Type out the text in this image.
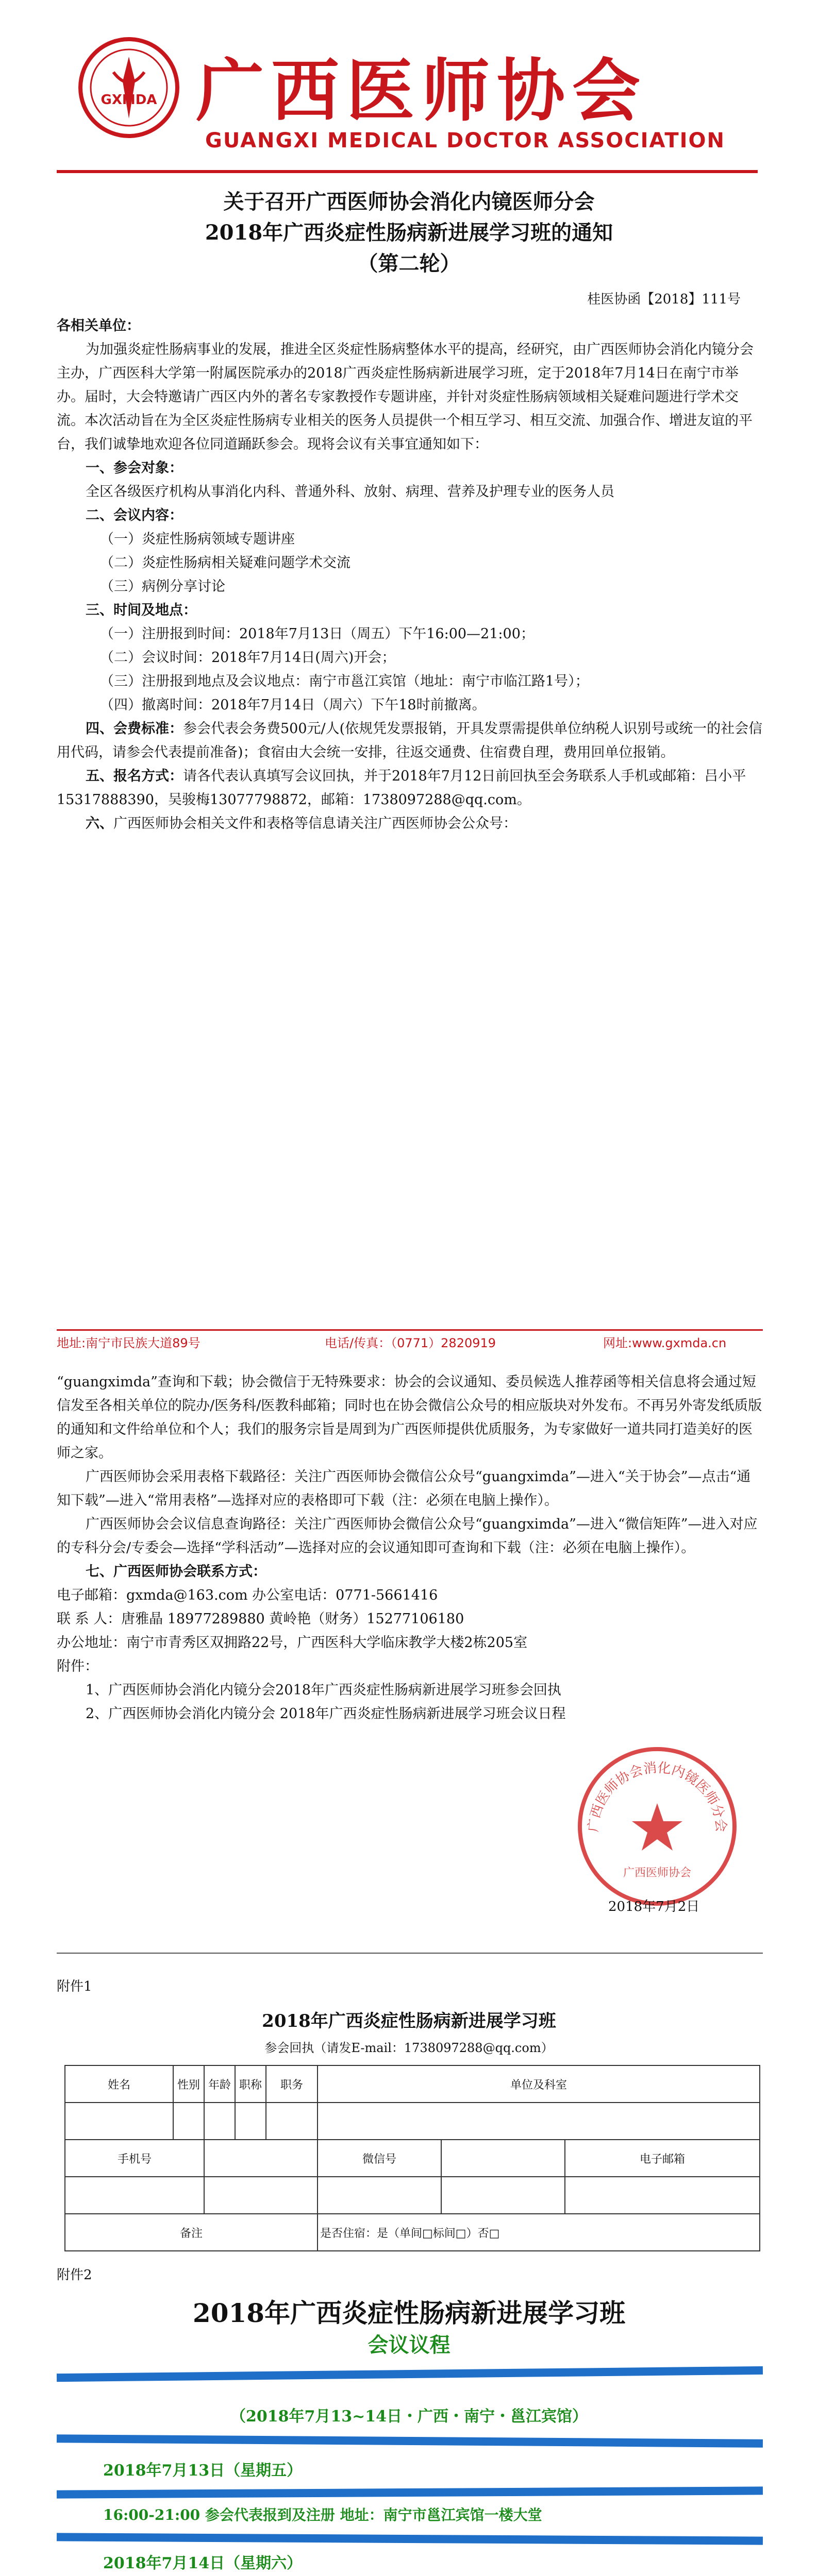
GXMDA 广西医师协会
GUANGXI MEDICAL DOCTOR ASSOCIATION
关于召开广西医师协会消化内镜医师分会
2018年广西炎症性肠病新进展学习班的通知
（第二轮）
桂医协函【2018】111号

各相关单位：

为加强炎症性肠病事业的发展，推进全区炎症性肠病整体水平的提高，经研究，由广西医师协会消化内镜分会主办，广西医科大学第一附属医院承办的2018广西炎症性肠病新进展学习班，定于2018年7月14日在南宁市举办。届时，大会特邀请广西区内外的著名专家教授作专题讲座，并针对炎症性肠病领域相关疑难问题进行学术交流。本次活动旨在为全区炎症性肠病专业相关的医务人员提供一个相互学习、相互交流、加强合作、增进友谊的平台，我们诚挚地欢迎各位同道踊跃参会。现将会议有关事宜通知如下：

一、参会对象：

全区各级医疗机构从事消化内科、普通外科、放射、病理、营养及护理专业的医务人员

二、会议内容：

（一）炎症性肠病领域专题讲座

（二）炎症性肠病相关疑难问题学术交流

（三）病例分享讨论

三、时间及地点：

（一）注册报到时间：2018年7月13日（周五）下午16:00—21:00；

（二）会议时间：2018年7月14日(周六)开会；

（三）注册报到地点及会议地点：南宁市邕江宾馆（地址：南宁市临江路1号）；

（四）撤离时间：2018年7月14日（周六）下午18时前撤离。

四、会费标准：参会代表会务费500元/人(依规凭发票报销，开具发票需提供单位纳税人识别号或统一的社会信用代码，请参会代表提前准备)；食宿由大会统一安排，往返交通费、住宿费自理，费用回单位报销。

五、报名方式：请各代表认真填写会议回执，并于2018年7月12日前回执至会务联系人手机或邮箱：吕小平15317888390，吴骏梅13077798872，邮箱：1738097288@qq.com。

六、广西医师协会相关文件和表格等信息请关注广西医师协会公众号：

地址:南宁市民族大道89号	电话/传真：（0771）2820919	网址:www.gxmda.cn

“guangximda”查询和下载；协会微信于无特殊要求：协会的会议通知、委员候选人推荐函等相关信息将会通过短信发至各相关单位的院办/医务科/医教科邮箱；同时也在协会微信公众号的相应版块对外发布。不再另外寄发纸质版的通知和文件给单位和个人；我们的服务宗旨是周到为广西医师提供优质服务，为专家做好一道共同打造美好的医师之家。

广西医师协会采用表格下载路径：关注广西医师协会微信公众号“guangximda”—进入“关于协会”—点击“通知下载”—进入“常用表格”—选择对应的表格即可下载（注：必须在电脑上操作）。

广西医师协会会议信息查询路径：关注广西医师协会微信公众号“guangximda”—进入“微信矩阵”—进入对应的专科分会/专委会—选择“学科活动”—选择对应的会议通知即可查询和下载（注：必须在电脑上操作）。

七、广西医师协会联系方式：

电子邮箱：gxmda@163.com 办公室电话：0771-5661416

联 系 人：唐雅晶 18977289880 黄岭艳（财务）15277106180

办公地址：南宁市青秀区双拥路22号，广西医科大学临床教学大楼2栋205室

附件：

1、广西医师协会消化内镜分会2018年广西炎症性肠病新进展学习班参会回执

2、广西医师协会消化内镜分会 2018年广西炎症性肠病新进展学习班会议日程

广西医师协会消化内镜医师分会
广西医师协会
2018年7月2日
附件1
2018年广西炎症性肠病新进展学习班
参会回执（请发E-mail：1738097288@qq.com）
姓名	性别	年龄	职称	职务	单位及科室		

手机号					微信号		电子邮箱

备注					是否住宿：是（单间□标间□）否□		
附件2
2018年广西炎症性肠病新进展学习班
会议议程
（2018年7月13~14日・广西・南宁・邕江宾馆）
2018年7月13日（星期五）
16:00-21:00 参会代表报到及注册 地址：南宁市邕江宾馆一楼大堂
2018年7月14日（星期六）
